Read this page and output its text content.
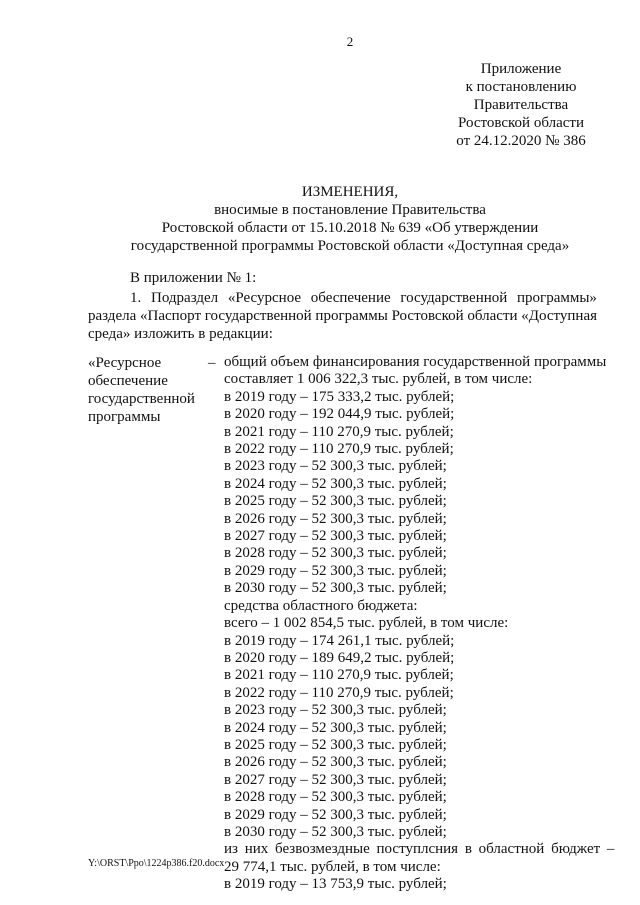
2
Приложение
к постановлению
Правительства
Ростовской области
от 24.12.2020 № 386
ИЗМЕНЕНИЯ,
вносимые в постановление Правительства
Ростовской области от 15.10.2018 № 639 «Об утверждении
государственной программы Ростовской области «Доступная среда»
В приложении № 1:
1. Подраздел «Ресурсное обеспечение государственной программы»
раздела «Паспорт государственной программы Ростовской области «Доступная
среда» изложить в редакции:
«Ресурсное
обеспечение
государственной
программы
– общий объем финансирования государственной программы
составляет 1 006 322,3 тыс. рублей, в том числе:
в 2019 году – 175 333,2 тыс. рублей;
в 2020 году – 192 044,9 тыс. рублей;
в 2021 году – 110 270,9 тыс. рублей;
в 2022 году – 110 270,9 тыс. рублей;
в 2023 году – 52 300,3 тыс. рублей;
в 2024 году – 52 300,3 тыс. рублей;
в 2025 году – 52 300,3 тыс. рублей;
в 2026 году – 52 300,3 тыс. рублей;
в 2027 году – 52 300,3 тыс. рублей;
в 2028 году – 52 300,3 тыс. рублей;
в 2029 году – 52 300,3 тыс. рублей;
в 2030 году – 52 300,3 тыс. рублей;
средства областного бюджета:
всего – 1 002 854,5 тыс. рублей, в том числе:
в 2019 году – 174 261,1 тыс. рублей;
в 2020 году – 189 649,2 тыс. рублей;
в 2021 году – 110 270,9 тыс. рублей;
в 2022 году – 110 270,9 тыс. рублей;
в 2023 году – 52 300,3 тыс. рублей;
в 2024 году – 52 300,3 тыс. рублей;
в 2025 году – 52 300,3 тыс. рублей;
в 2026 году – 52 300,3 тыс. рублей;
в 2027 году – 52 300,3 тыс. рублей;
в 2028 году – 52 300,3 тыс. рублей;
в 2029 году – 52 300,3 тыс. рублей;
в 2030 году – 52 300,3 тыс. рублей;
из них безвозмездные поступлсния в областной бюджет –
29 774,1 тыс. рублей, в том числе:
в 2019 году – 13 753,9 тыс. рублей;
Y:\ORST\Ppo\1224p386.f20.docx
